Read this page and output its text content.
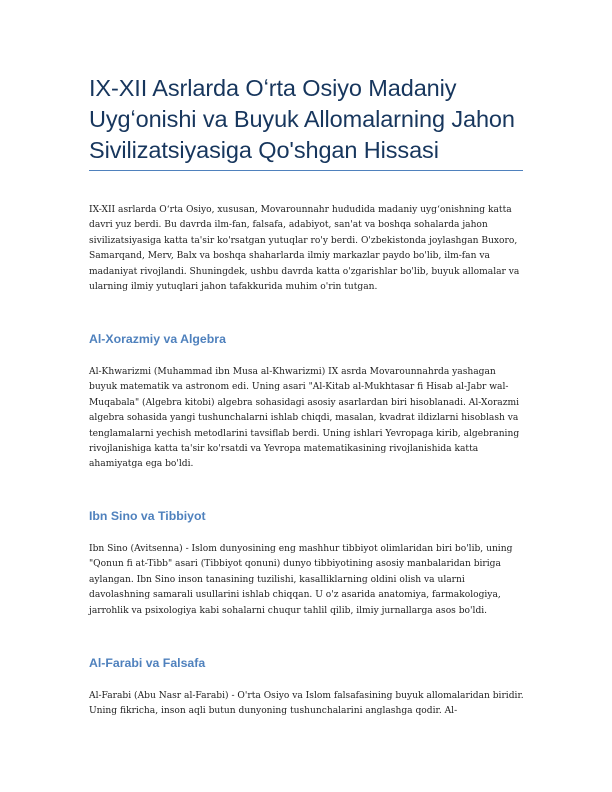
IX-XII Asrlarda Oʻrta Osiyo Madaniy Uygʻonishi va Buyuk Allomalarning Jahon Sivilizatsiyasiga Qo'shgan Hissasi

IX-XII asrlarda Oʻrta Osiyo, xususan, Movarounnahr hududida madaniy uygʻonishning katta davri yuz berdi. Bu davrda ilm-fan, falsafa, adabiyot, san'at va boshqa sohalarda jahon sivilizatsiyasiga katta ta'sir ko'rsatgan yutuqlar ro'y berdi. O'zbekistonda joylashgan Buxoro, Samarqand, Merv, Balx va boshqa shaharlarda ilmiy markazlar paydo bo'lib, ilm-fan va madaniyat rivojlandi. Shuningdek, ushbu davrda katta o'zgarishlar bo'lib, buyuk allomalar va ularning ilmiy yutuqlari jahon tafakkurida muhim o'rin tutgan.

Al-Xorazmiy va Algebra

Al-Khwarizmi (Muhammad ibn Musa al-Khwarizmi) IX asrda Movarounnahrda yashagan buyuk matematik va astronom edi. Uning asari "Al-Kitab al-Mukhtasar fi Hisab al-Jabr wal-Muqabala" (Algebra kitobi) algebra sohasidagi asosiy asarlardan biri hisoblanadi. Al-Xorazmi algebra sohasida yangi tushunchalarni ishlab chiqdi, masalan, kvadrat ildizlarni hisoblash va tenglamalarni yechish metodlarini tavsiflab berdi. Uning ishlari Yevropaga kirib, algebraning rivojlanishiga katta ta'sir ko'rsatdi va Yevropa matematikasining rivojlanishida katta ahamiyatga ega bo'ldi.

Ibn Sino va Tibbiyot

Ibn Sino (Avitsenna) - Islom dunyosining eng mashhur tibbiyot olimlaridan biri bo'lib, uning "Qonun fi at-Tibb" asari (Tibbiyot qonuni) dunyo tibbiyotining asosiy manbalaridan biriga aylangan. Ibn Sino inson tanasining tuzilishi, kasalliklarning oldini olish va ularni davolashning samarali usullarini ishlab chiqqan. U o'z asarida anatomiya, farmakologiya, jarrohlik va psixologiya kabi sohalarni chuqur tahlil qilib, ilmiy jurnallarga asos bo'ldi.

Al-Farabi va Falsafa

Al-Farabi (Abu Nasr al-Farabi) - O'rta Osiyo va Islom falsafasining buyuk allomalaridan biridir. Uning fikricha, inson aqli butun dunyoning tushunchalarini anglashga qodir. Al-
